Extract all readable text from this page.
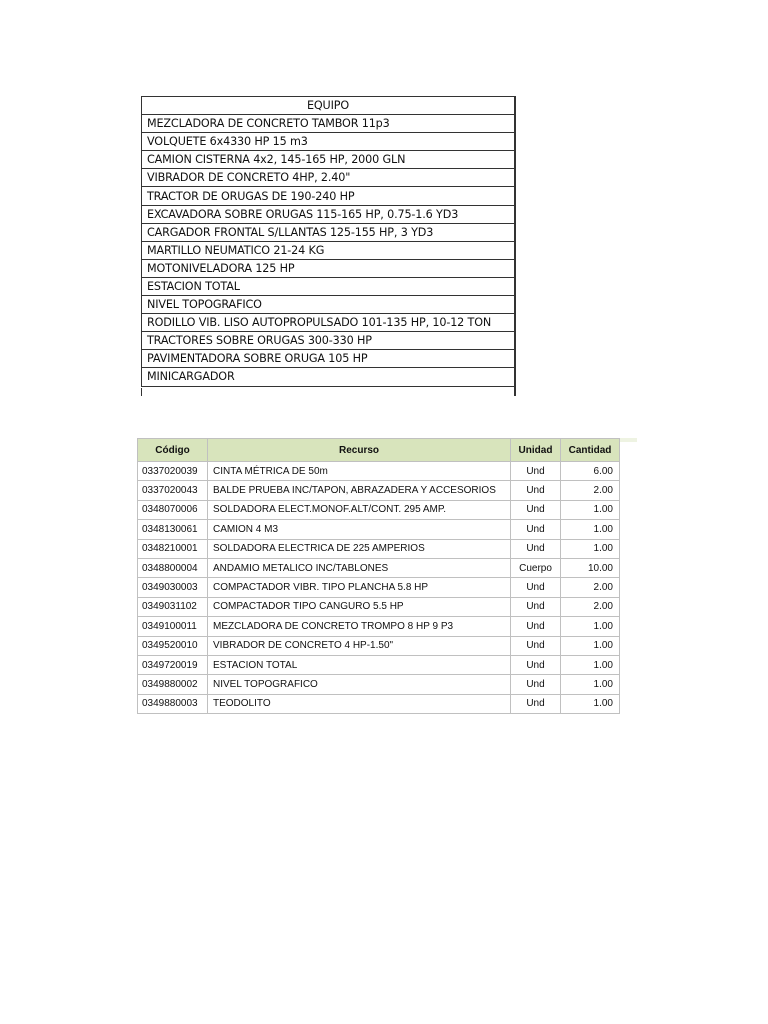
EQUIPO
MEZCLADORA DE CONCRETO TAMBOR 11p3
VOLQUETE 6x4330 HP 15 m3
CAMION CISTERNA 4x2, 145-165 HP, 2000 GLN
VIBRADOR DE CONCRETO 4HP, 2.40"
TRACTOR DE ORUGAS DE 190-240 HP
EXCAVADORA SOBRE ORUGAS 115-165 HP, 0.75-1.6 YD3
CARGADOR FRONTAL S/LLANTAS 125-155 HP, 3 YD3
MARTILLO NEUMATICO 21-24 KG
MOTONIVELADORA 125 HP
ESTACION TOTAL
NIVEL TOPOGRAFICO
RODILLO VIB. LISO AUTOPROPULSADO 101-135 HP, 10-12 TON
TRACTORES SOBRE ORUGAS 300-330 HP
PAVIMENTADORA SOBRE ORUGA 105 HP
MINICARGADOR
Código	Recurso	Unidad	Cantidad
0337020039	CINTA MÉTRICA DE 50m	Und	6.00
0337020043	BALDE PRUEBA INC/TAPON, ABRAZADERA Y ACCESORIOS	Und	2.00
0348070006	SOLDADORA ELECT.MONOF.ALT/CONT. 295 AMP.	Und	1.00
0348130061	CAMION 4 M3	Und	1.00
0348210001	SOLDADORA ELECTRICA DE 225 AMPERIOS	Und	1.00
0348800004	ANDAMIO METALICO INC/TABLONES	Cuerpo	10.00
0349030003	COMPACTADOR VIBR. TIPO PLANCHA 5.8 HP	Und	2.00
0349031102	COMPACTADOR TIPO CANGURO 5.5 HP	Und	2.00
0349100011	MEZCLADORA DE CONCRETO TROMPO 8 HP 9 P3	Und	1.00
0349520010	VIBRADOR DE CONCRETO 4 HP-1.50"	Und	1.00
0349720019	ESTACION TOTAL	Und	1.00
0349880002	NIVEL TOPOGRAFICO	Und	1.00
0349880003	TEODOLITO	Und	1.00
